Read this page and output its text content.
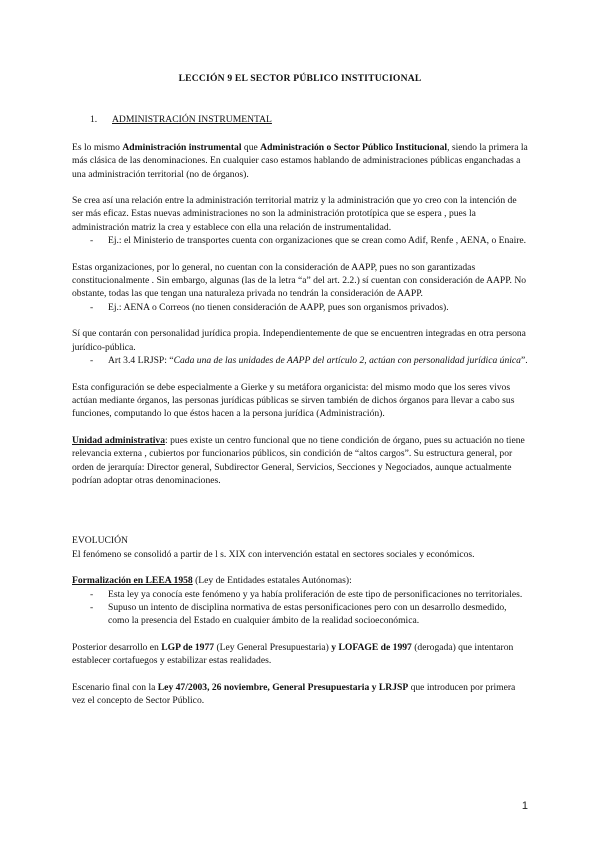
LECCIÓN 9 EL SECTOR PÚBLICO INSTITUCIONAL

1. ADMINISTRACIÓN INSTRUMENTAL

Es lo mismo Administración instrumental que Administración o Sector Público Institucional, siendo la primera la más clásica de las denominaciones. En cualquier caso estamos hablando de administraciones públicas enganchadas a una administración territorial (no de órganos).

Se crea así una relación entre la administración territorial matriz y la administración que yo creo con la intención de ser más eficaz. Estas nuevas administraciones no son la administración prototípica que se espera , pues la administración matriz la crea y establece con ella una relación de instrumentalidad.

-	Ej.: el Ministerio de transportes cuenta con organizaciones que se crean como Adif, Renfe , AENA, o Enaire.

Estas organizaciones, por lo general, no cuentan con la consideración de AAPP, pues no son garantizadas constitucionalmente . Sin embargo, algunas (las de la letra “a” del art. 2.2.) sí cuentan con consideración de AAPP. No obstante, todas las que tengan una naturaleza privada no tendrán la consideración de AAPP.

-	Ej.: AENA o Correos (no tienen consideración de AAPP, pues son organismos privados).

Sí que contarán con personalidad jurídica propia. Independientemente de que se encuentren integradas en otra persona jurídico-pública.

-	Art 3.4 LRJSP: “Cada una de las unidades de AAPP del artículo 2, actúan con personalidad jurídica única”.

Esta configuración se debe especialmente a Gierke y su metáfora organicista: del mismo modo que los seres vivos actúan mediante órganos, las personas jurídicas públicas se sirven también de dichos órganos para llevar a cabo sus funciones, computando lo que éstos hacen a la persona jurídica (Administración).

Unidad administrativa: pues existe un centro funcional que no tiene condición de órgano, pues su actuación no tiene relevancia externa , cubiertos por funcionarios públicos, sin condición de “altos cargos”. Su estructura general, por orden de jerarquía: Director general, Subdirector General, Servicios, Secciones y Negociados, aunque actualmente podrían adoptar otras denominaciones.

EVOLUCIÓN

El fenómeno se consolidó a partir de l s. XIX con intervención estatal en sectores sociales y económicos.

Formalización en LEEA 1958 (Ley de Entidades estatales Autónomas):

-	Esta ley ya conocía este fenómeno y ya había proliferación de este tipo de personificaciones no territoriales.

-	Supuso un intento de disciplina normativa de estas personificaciones pero con un desarrollo desmedido, como la presencia del Estado en cualquier ámbito de la realidad socioeconómica.

Posterior desarrollo en LGP de 1977 (Ley General Presupuestaria) y LOFAGE de 1997 (derogada) que intentaron establecer cortafuegos y estabilizar estas realidades.

Escenario final con la Ley 47/2003, 26 noviembre, General Presupuestaria y LRJSP que introducen por primera vez el concepto de Sector Público.

1
